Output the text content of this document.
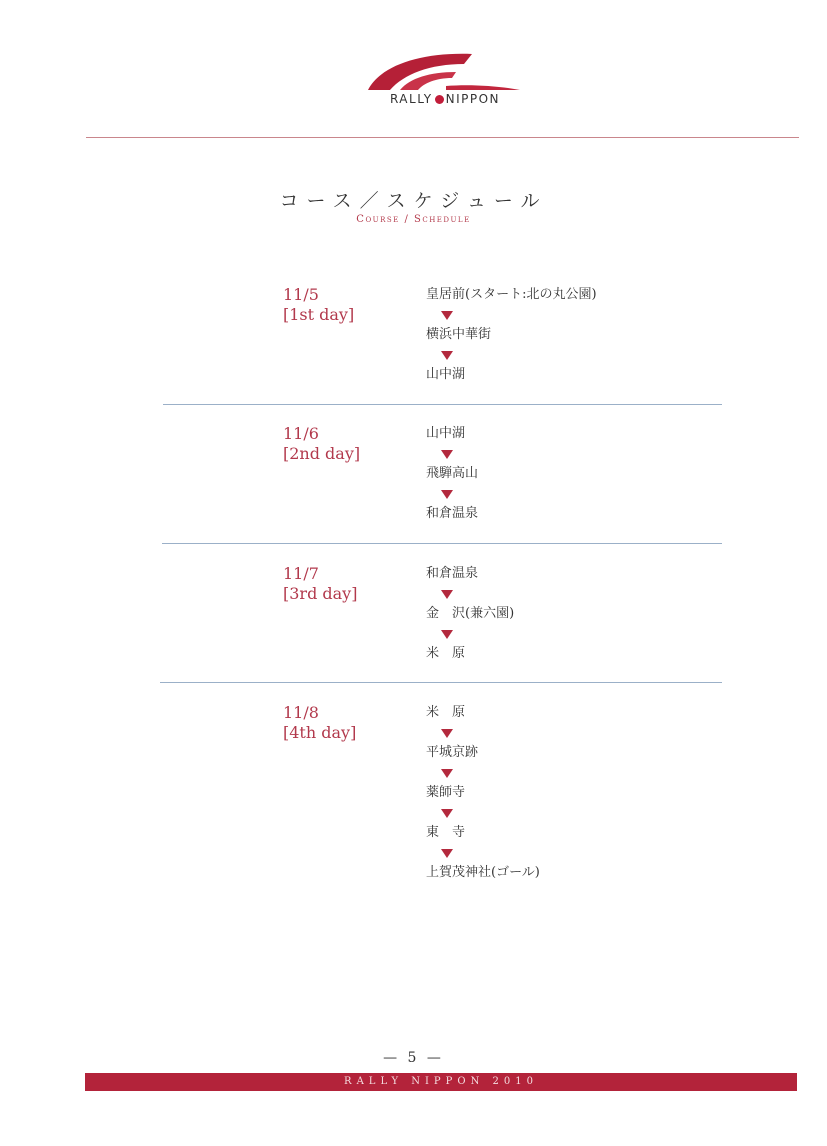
RALLY NIPPON
コース／スケジュール
Course / Schedule
11/5
[1st day]
皇居前(スタート:北の丸公園)
横浜中華街
山中湖
11/6
[2nd day]
山中湖
飛騨高山
和倉温泉
11/7
[3rd day]
和倉温泉
金　沢(兼六園)
米　原
11/8
[4th day]
米　原
平城京跡
薬師寺
東　寺
上賀茂神社(ゴール)
— 5 —
RALLY NIPPON 2010
